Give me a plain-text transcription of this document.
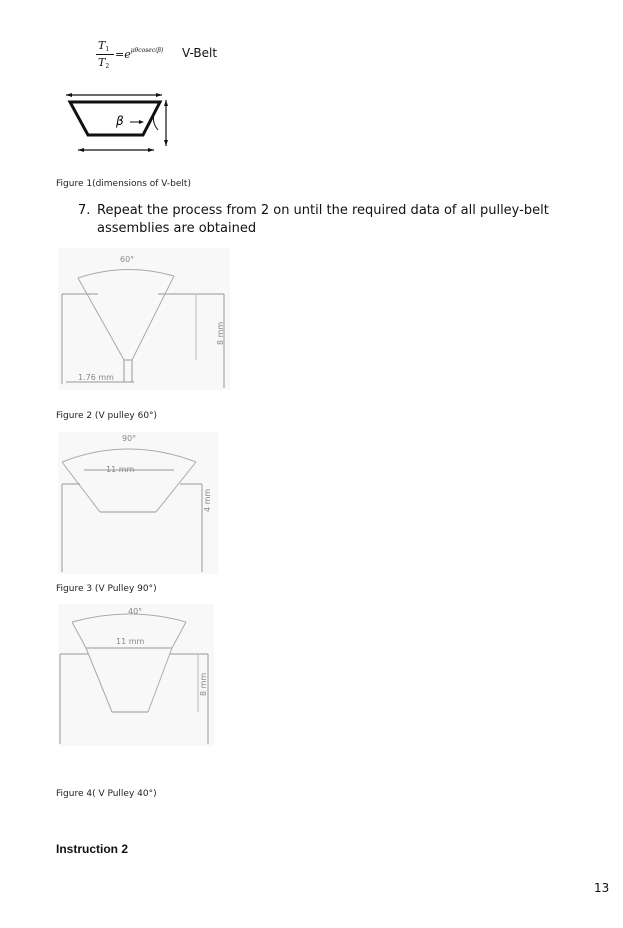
$T_1$
$T_2$
$=e^{\mu\theta cosec(\beta)}$ V-Belt
β
Figure 1(dimensions of V-belt)
7. Repeat the process from 2 on until the required data of all pulley-belt assemblies are obtained
60°
1.76 mm
8 mm
Figure 2 (V pulley 60°)
90°
11 mm
4 mm
Figure 3 (V Pulley 90°)
40°
11 mm
8 mm
Figure 4( V Pulley 40°)
Instruction 2
13
